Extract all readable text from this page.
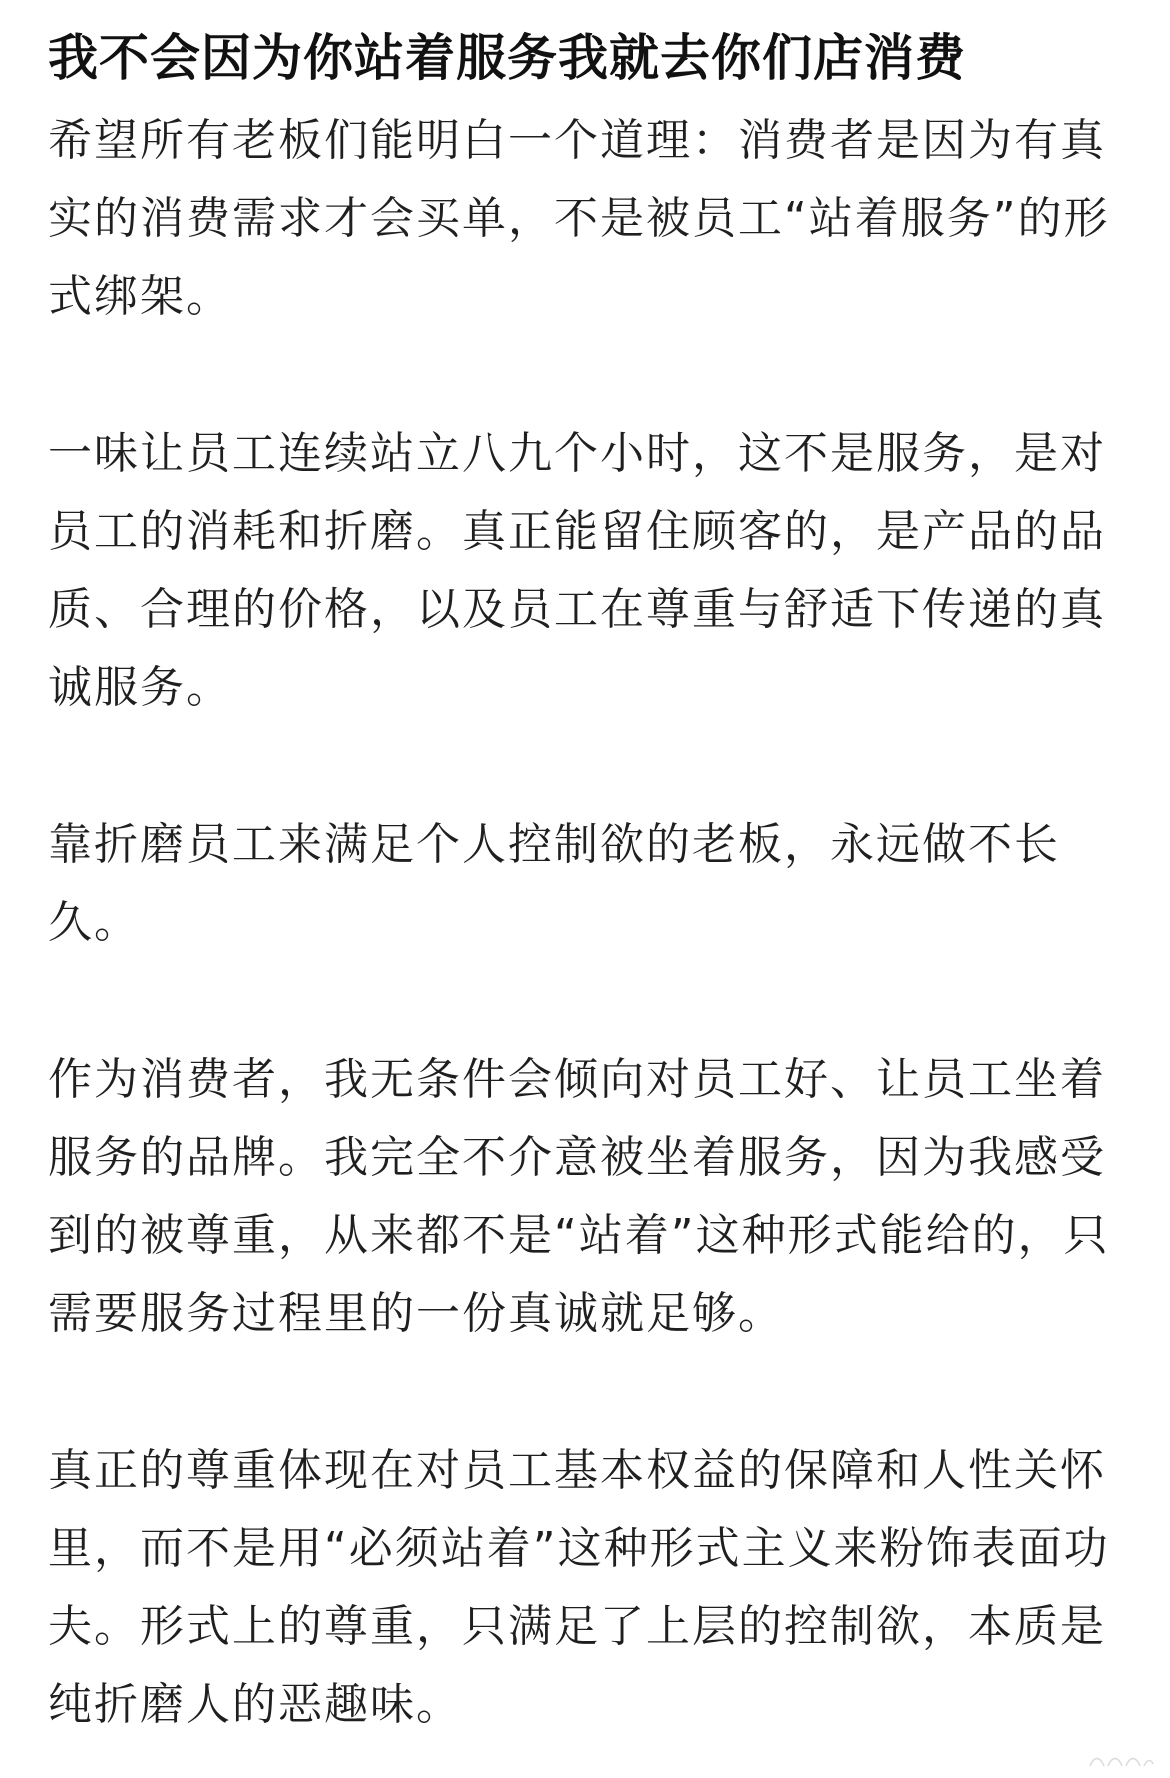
我不会因为你站着服务我就去你们店消费

希望所有老板们能明白一个道理：消费者是因为有真实的消费需求才会买单，不是被员工“站着服务”的形式绑架。

一味让员工连续站立八九个小时，这不是服务，是对员工的消耗和折磨。真正能留住顾客的，是产品的品质、合理的价格，以及员工在尊重与舒适下传递的真诚服务。

靠折磨员工来满足个人控制欲的老板，永远做不长久。

作为消费者，我无条件会倾向对员工好、让员工坐着服务的品牌。我完全不介意被坐着服务，因为我感受到的被尊重，从来都不是“站着”这种形式能给的，只需要服务过程里的一份真诚就足够。

真正的尊重体现在对员工基本权益的保障和人性关怀里，而不是用“必须站着”这种形式主义来粉饰表面功夫。形式上的尊重，只满足了上层的控制欲，本质是纯折磨人的恶趣味。
